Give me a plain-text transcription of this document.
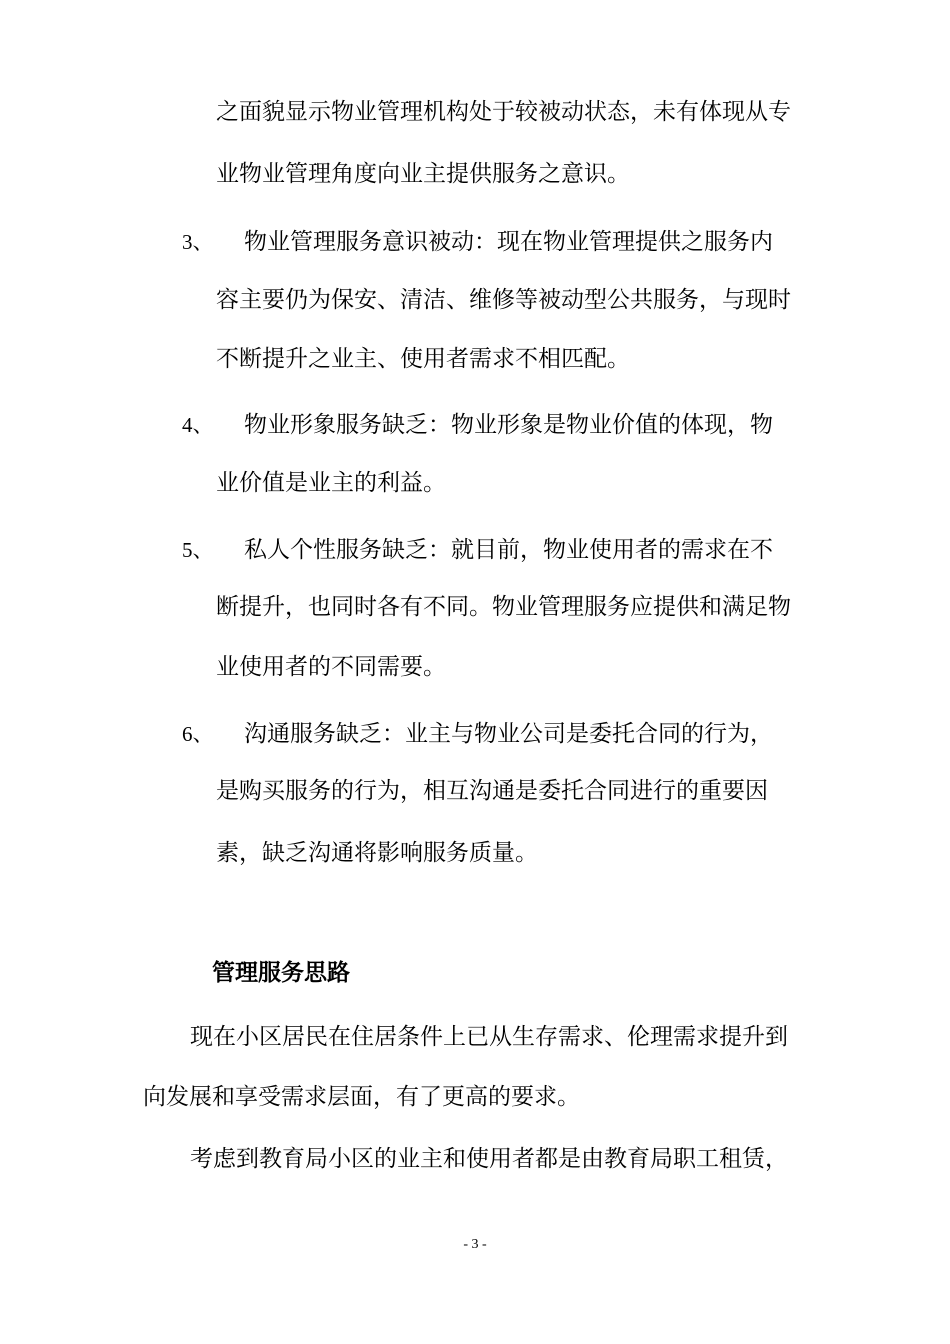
之面貌显示物业管理机构处于较被动状态，未有体现从专
业物业管理角度向业主提供服务之意识。
3、 物业管理服务意识被动：现在物业管理提供之服务内
容主要仍为保安、清洁、维修等被动型公共服务，与现时
不断提升之业主、使用者需求不相匹配。
4、 物业形象服务缺乏：物业形象是物业价值的体现，物
业价值是业主的利益。
5、 私人个性服务缺乏：就目前，物业使用者的需求在不
断提升，也同时各有不同。物业管理服务应提供和满足物
业使用者的不同需要。
6、 沟通服务缺乏：业主与物业公司是委托合同的行为，
是购买服务的行为，相互沟通是委托合同进行的重要因
素，缺乏沟通将影响服务质量。
管理服务思路
现在小区居民在住居条件上已从生存需求、伦理需求提升到
向发展和享受需求层面，有了更高的要求。
考虑到教育局小区的业主和使用者都是由教育局职工租赁，
- 3 -
